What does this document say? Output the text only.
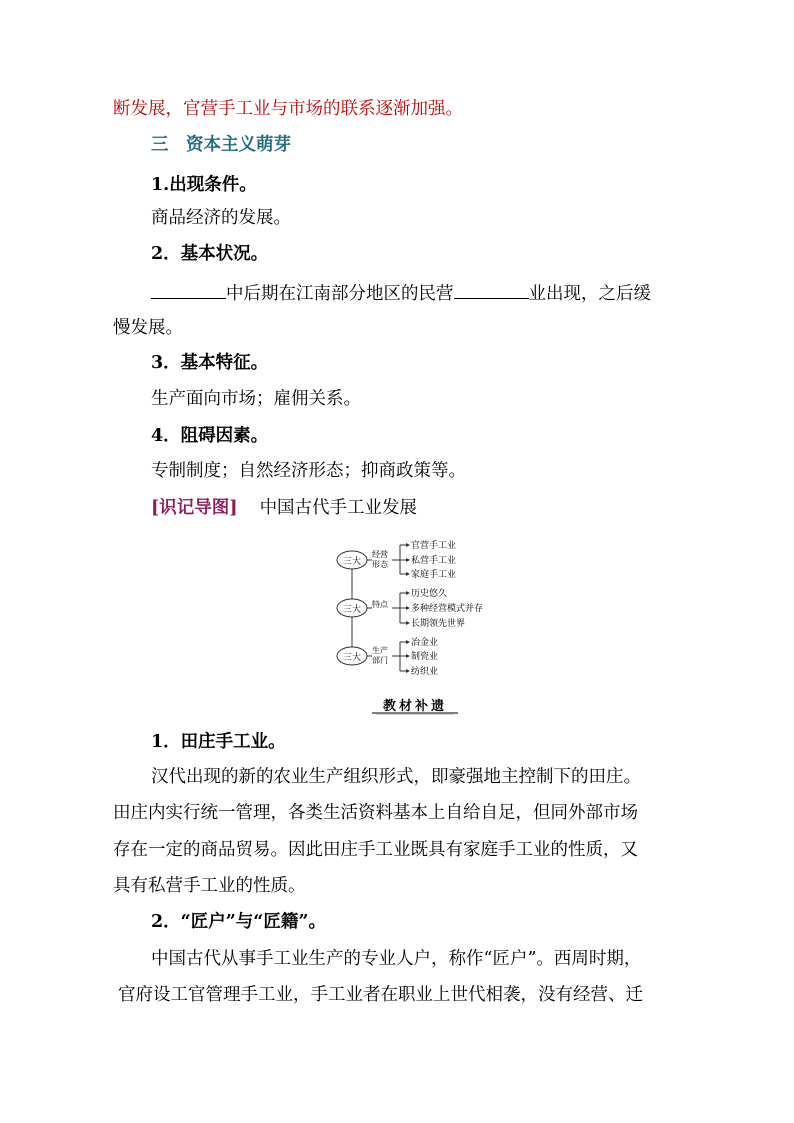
断发展，官营手工业与市场的联系逐渐加强。
三　资本主义萌芽
1.出现条件。
商品经济的发展。
2．基本状况。
中后期在江南部分地区的民营	业出现，之后缓
慢发展。
3．基本特征。
生产面向市场；雇佣关系。
4．阻碍因素。
专制制度；自然经济形态；抑商政策等。
[识记导图] 中国古代手工业发展
三大
经营
形态
官营手工业
私营手工业
家庭手工业
三大
特点
历史悠久
多种经营模式并存
长期领先世界
三大
生产
部门
冶金业
制瓷业
纺织业
教材补遗
1．田庄手工业。
汉代出现的新的农业生产组织形式，即豪强地主控制下的田庄。
田庄内实行统一管理，各类生活资料基本上自给自足，但同外部市场
存在一定的商品贸易。因此田庄手工业既具有家庭手工业的性质，又
具有私营手工业的性质。
2．“匠户”与“匠籍”。
中国古代从事手工业生产的专业人户，称作“匠户”。西周时期，
官府设工官管理手工业，手工业者在职业上世代相袭，没有经营、迁
